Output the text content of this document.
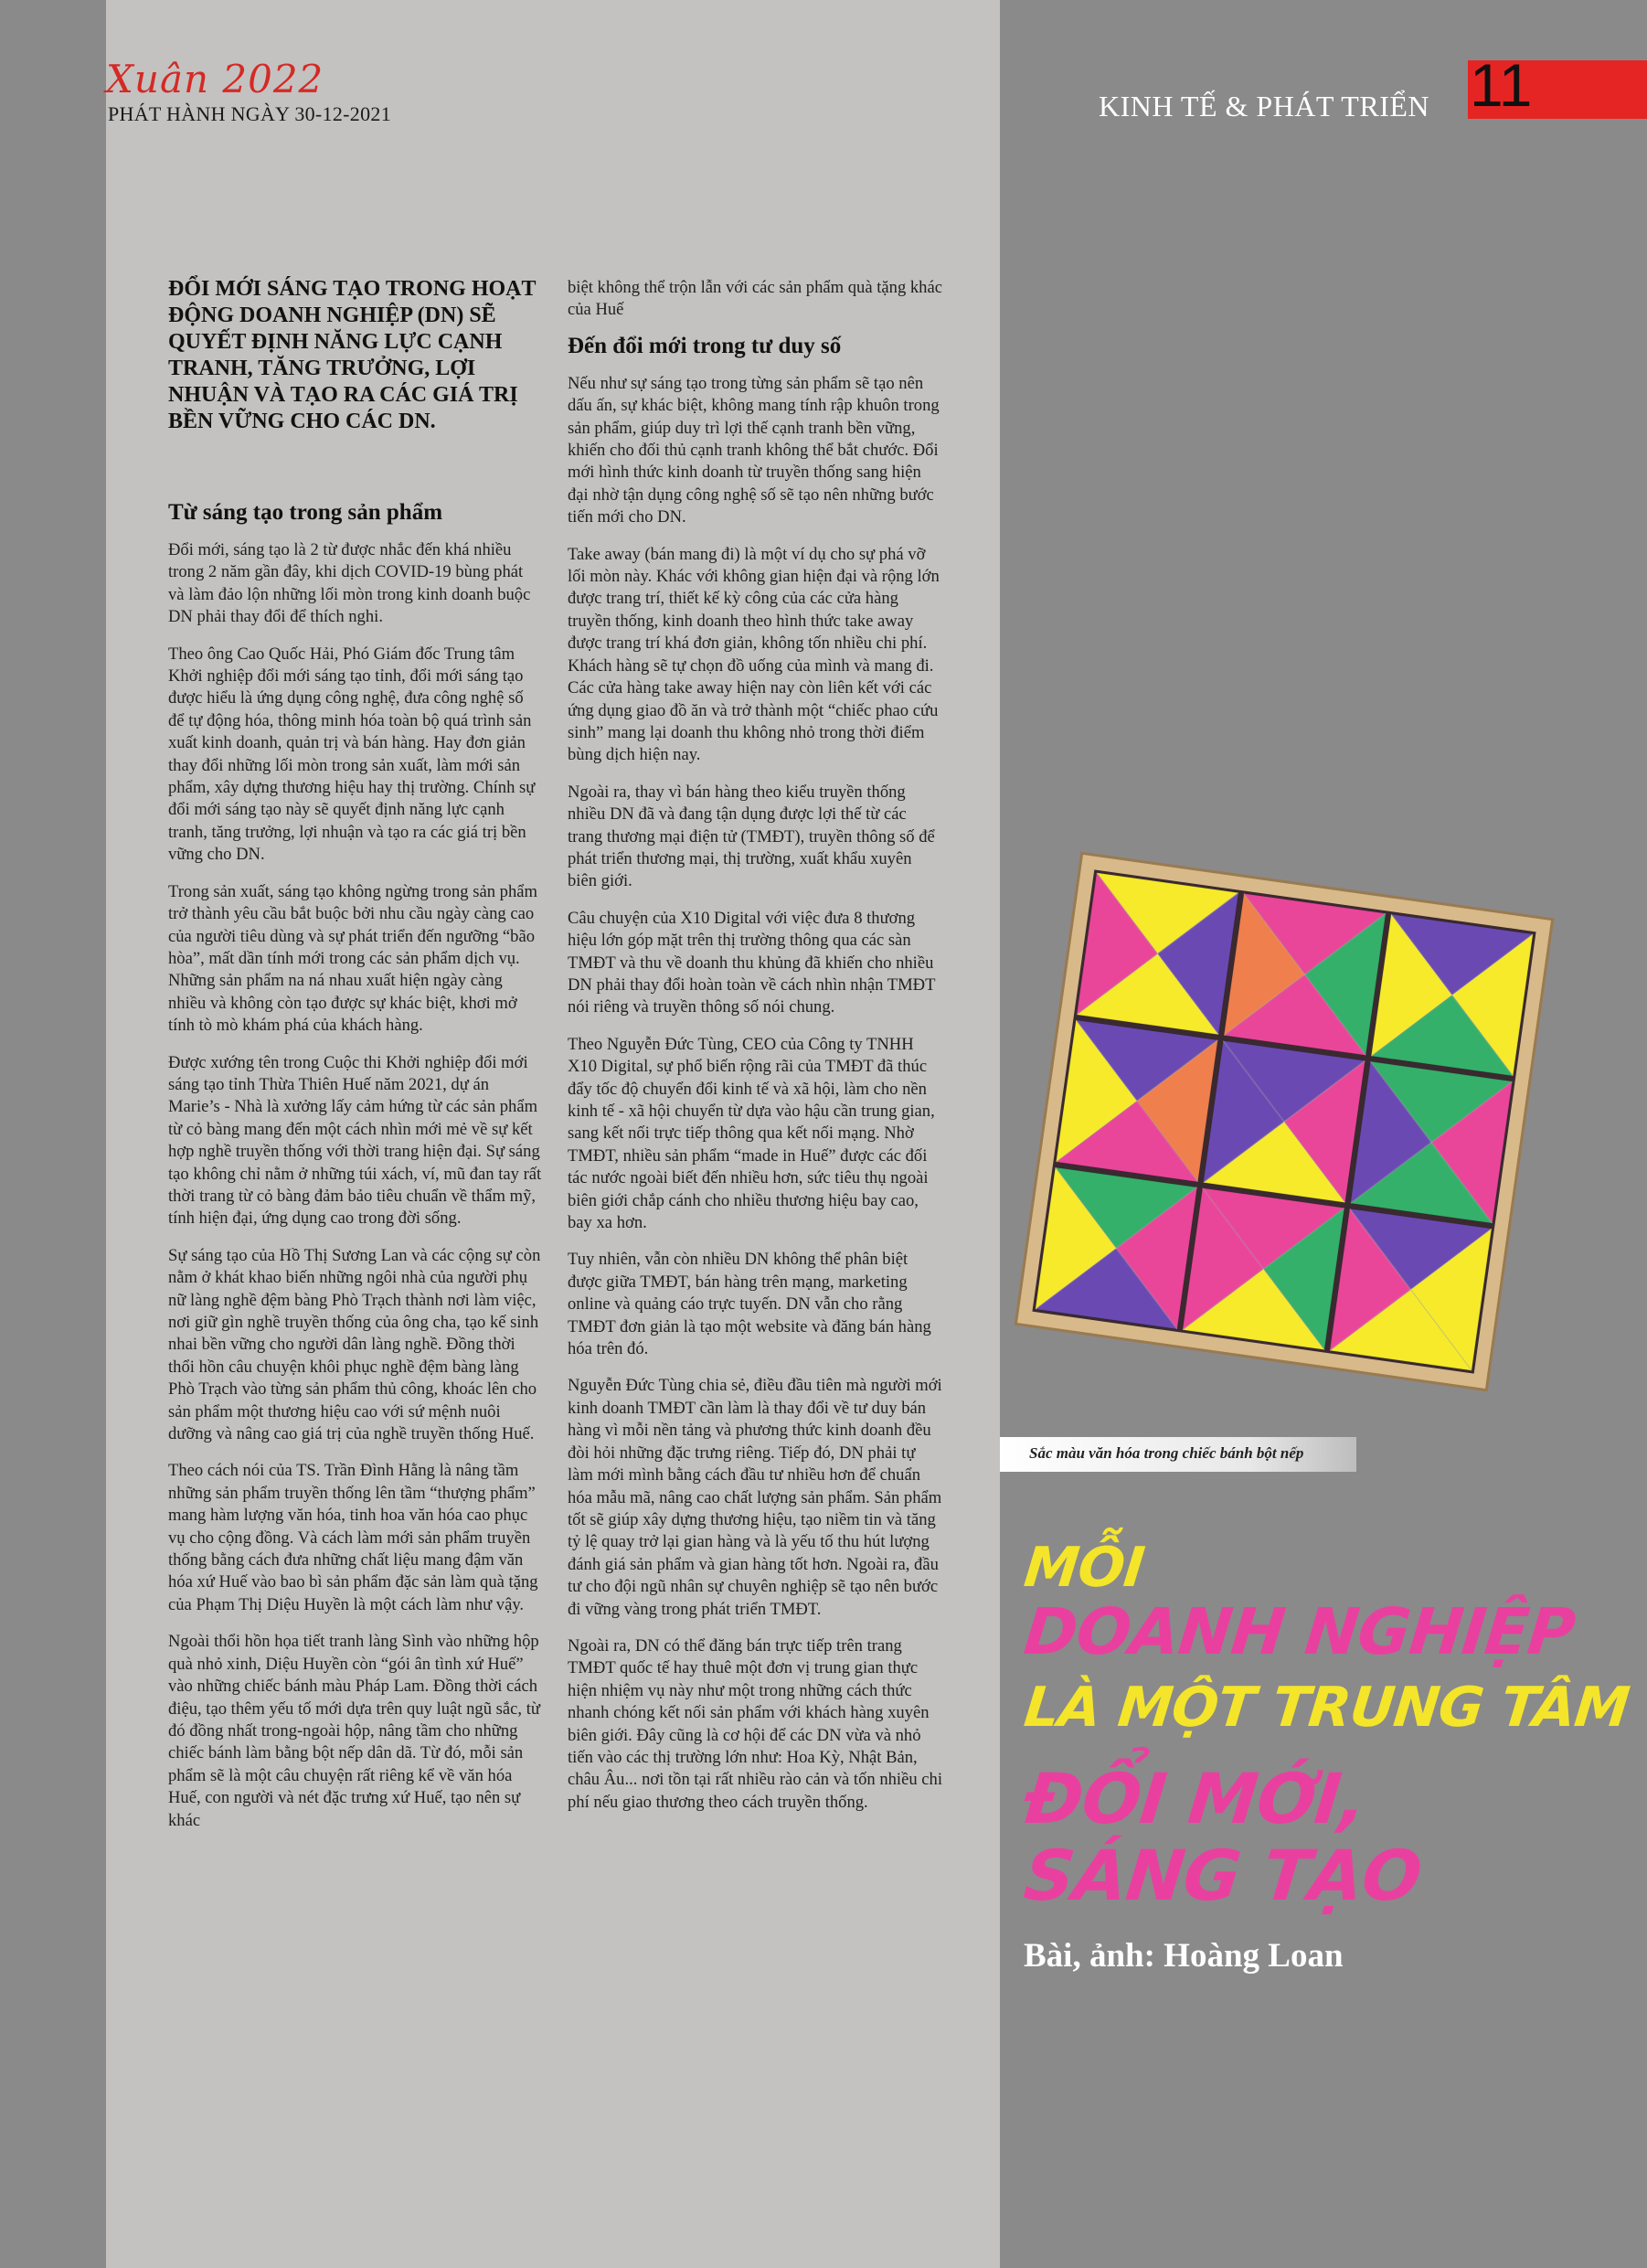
Xuân 2022
PHÁT HÀNH NGÀY 30-12-2021	KINH TẾ & PHÁT TRIỂN 11
ĐỔI MỚI SÁNG TẠO TRONG HOẠT ĐỘNG DOANH NGHIỆP (DN) SẼ QUYẾT ĐỊNH NĂNG LỰC CẠNH TRANH, TĂNG TRƯỞNG, LỢI NHUẬN VÀ TẠO RA CÁC GIÁ TRỊ BỀN VỮNG CHO CÁC DN.
Từ sáng tạo trong sản phẩm

Đổi mới, sáng tạo là 2 từ được nhắc đến khá nhiều trong 2 năm gần đây, khi dịch COVID-19 bùng phát và làm đảo lộn những lối mòn trong kinh doanh buộc DN phải thay đổi để thích nghi.

Theo ông Cao Quốc Hải, Phó Giám đốc Trung tâm Khởi nghiệp đổi mới sáng tạo tỉnh, đổi mới sáng tạo được hiểu là ứng dụng công nghệ, đưa công nghệ số để tự động hóa, thông minh hóa toàn bộ quá trình sản xuất kinh doanh, quản trị và bán hàng. Hay đơn giản thay đổi những lối mòn trong sản xuất, làm mới sản phẩm, xây dựng thương hiệu hay thị trường. Chính sự đổi mới sáng tạo này sẽ quyết định năng lực cạnh tranh, tăng trưởng, lợi nhuận và tạo ra các giá trị bền vững cho DN.

Trong sản xuất, sáng tạo không ngừng trong sản phẩm trở thành yêu cầu bắt buộc bởi nhu cầu ngày càng cao của người tiêu dùng và sự phát triển đến ngưỡng “bão hòa”, mất dần tính mới trong các sản phẩm dịch vụ. Những sản phẩm na ná nhau xuất hiện ngày càng nhiều và không còn tạo được sự khác biệt, khơi mở tính tò mò khám phá của khách hàng.

Được xướng tên trong Cuộc thi Khởi nghiệp đổi mới sáng tạo tỉnh Thừa Thiên Huế năm 2021, dự án Marie’s - Nhà là xưởng lấy cảm hứng từ các sản phẩm từ cỏ bàng mang đến một cách nhìn mới mẻ về sự kết hợp nghề truyền thống với thời trang hiện đại. Sự sáng tạo không chỉ nằm ở những túi xách, ví, mũ đan tay rất thời trang từ cỏ bàng đảm bảo tiêu chuẩn về thẩm mỹ, tính hiện đại, ứng dụng cao trong đời sống.

Sự sáng tạo của Hồ Thị Sương Lan và các cộng sự còn nằm ở khát khao biến những ngôi nhà của người phụ nữ làng nghề đệm bàng Phò Trạch thành nơi làm việc, nơi giữ gìn nghề truyền thống của ông cha, tạo kế sinh nhai bền vững cho người dân làng nghề. Đồng thời thổi hồn câu chuyện khôi phục nghề đệm bàng làng Phò Trạch vào từng sản phẩm thủ công, khoác lên cho sản phẩm một thương hiệu cao với sứ mệnh nuôi dưỡng và nâng cao giá trị của nghề truyền thống Huế.

Theo cách nói của TS. Trần Đình Hằng là nâng tầm những sản phẩm truyền thống lên tầm “thượng phẩm” mang hàm lượng văn hóa, tinh hoa văn hóa cao phục vụ cho cộng đồng. Và cách làm mới sản phẩm truyền thống bằng cách đưa những chất liệu mang đậm văn hóa xứ Huế vào bao bì sản phẩm đặc sản làm quà tặng của Phạm Thị Diệu Huyền là một cách làm như vậy.

Ngoài thổi hồn họa tiết tranh làng Sình vào những hộp quà nhỏ xinh, Diệu Huyền còn “gói ân tình xứ Huế” vào những chiếc bánh màu Pháp Lam. Đồng thời cách điệu, tạo thêm yếu tố mới dựa trên quy luật ngũ sắc, từ đó đồng nhất trong-ngoài hộp, nâng tầm cho những chiếc bánh làm bằng bột nếp dân dã. Từ đó, mỗi sản phẩm sẽ là một câu chuyện rất riêng kể về văn hóa Huế, con người và nét đặc trưng xứ Huế, tạo nên sự khác

biệt không thể trộn lẫn với các sản phẩm quà tặng khác của Huế

Đến đổi mới trong tư duy số

Nếu như sự sáng tạo trong từng sản phẩm sẽ tạo nên dấu ấn, sự khác biệt, không mang tính rập khuôn trong sản phẩm, giúp duy trì lợi thế cạnh tranh bền vững, khiến cho đối thủ cạnh tranh không thể bắt chước. Đổi mới hình thức kinh doanh từ truyền thống sang hiện đại nhờ tận dụng công nghệ số sẽ tạo nên những bước tiến mới cho DN.

Take away (bán mang đi) là một ví dụ cho sự phá vỡ lối mòn này. Khác với không gian hiện đại và rộng lớn được trang trí, thiết kế kỳ công của các cửa hàng truyền thống, kinh doanh theo hình thức take away được trang trí khá đơn giản, không tốn nhiều chi phí. Khách hàng sẽ tự chọn đồ uống của mình và mang đi. Các cửa hàng take away hiện nay còn liên kết với các ứng dụng giao đồ ăn và trở thành một “chiếc phao cứu sinh” mang lại doanh thu không nhỏ trong thời điểm bùng dịch hiện nay.

Ngoài ra, thay vì bán hàng theo kiểu truyền thống nhiều DN đã và đang tận dụng được lợi thế từ các trang thương mại điện tử (TMĐT), truyền thông số để phát triển thương mại, thị trường, xuất khẩu xuyên biên giới.

Câu chuyện của X10 Digital với việc đưa 8 thương hiệu lớn góp mặt trên thị trường thông qua các sàn TMĐT và thu về doanh thu khủng đã khiến cho nhiều DN phải thay đổi hoàn toàn về cách nhìn nhận TMĐT nói riêng và truyền thông số nói chung.

Theo Nguyễn Đức Tùng, CEO của Công ty TNHH X10 Digital, sự phổ biến rộng rãi của TMĐT đã thúc đẩy tốc độ chuyển đổi kinh tế và xã hội, làm cho nền kinh tế - xã hội chuyển từ dựa vào hậu cần trung gian, sang kết nối trực tiếp thông qua kết nối mạng. Nhờ TMĐT, nhiều sản phẩm “made in Huế” được các đối tác nước ngoài biết đến nhiều hơn, sức tiêu thụ ngoài biên giới chắp cánh cho nhiều thương hiệu bay cao, bay xa hơn.

Tuy nhiên, vẫn còn nhiều DN không thể phân biệt được giữa TMĐT, bán hàng trên mạng, marketing online và quảng cáo trực tuyến. DN vẫn cho rằng TMĐT đơn giản là tạo một website và đăng bán hàng hóa trên đó.

Nguyễn Đức Tùng chia sẻ, điều đầu tiên mà người mới kinh doanh TMĐT cần làm là thay đổi về tư duy bán hàng vì mỗi nền tảng và phương thức kinh doanh đều đòi hỏi những đặc trưng riêng. Tiếp đó, DN phải tự làm mới mình bằng cách đầu tư nhiều hơn để chuẩn hóa mẫu mã, nâng cao chất lượng sản phẩm. Sản phẩm tốt sẽ giúp xây dựng thương hiệu, tạo niềm tin và tăng tỷ lệ quay trở lại gian hàng và là yếu tố thu hút lượng đánh giá sản phẩm và gian hàng tốt hơn. Ngoài ra, đầu tư cho đội ngũ nhân sự chuyên nghiệp sẽ tạo nên bước đi vững vàng trong phát triển TMĐT.

Ngoài ra, DN có thể đăng bán trực tiếp trên trang TMĐT quốc tế hay thuê một đơn vị trung gian thực hiện nhiệm vụ này như một trong những cách thức nhanh chóng kết nối sản phẩm với khách hàng xuyên biên giới. Đây cũng là cơ hội để các DN vừa và nhỏ tiến vào các thị trường lớn như: Hoa Kỳ, Nhật Bản, châu Âu... nơi tồn tại rất nhiều rào cản và tốn nhiều chi phí nếu giao thương theo cách truyền thống.

Sắc màu văn hóa trong chiếc bánh bột nếp
MỖI
DOANH NGHIỆP
LÀ MỘT TRUNG TÂM
ĐỔI MỚI,
SÁNG TẠO
Bài, ảnh: Hoàng Loan
